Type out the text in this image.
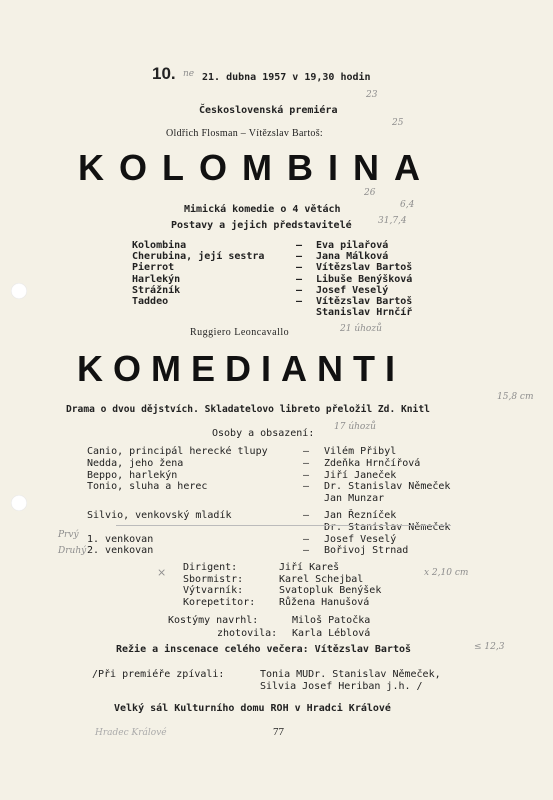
10. ne 21. dubna 1957 v 19,30 hodin
23
Československá premiéra
Oldřich Flosman – Vítězslav Bartoš:
25
KOLOMBINA
26
Mimická komedie o 4 větách	6,4
Postavy a jejich představitelé	31,7,4
Kolombina	– Eva pilařová
Cherubina, její sestra	– Jana Málková
Pierrot	– Vítězslav Bartoš
Harlekýn	– Libuše Benýšková
Strážník	– Josef Veselý
Taddeo	– Vítězslav Bartoš
Stanislav Hrnčíř
Ruggiero Leoncavallo	21 úhozů
KOMEDIANTI
Drama o dvou dějstvích. Skladatelovo libreto přeložil Zd. Knitl
15,8 cm
Osoby a obsazení:
17 úhozů
Canio, principál herecké tlupy	– Vilém Přibyl
Nedda, jeho žena	– Zdeňka Hrnčířová
Beppo, harlekýn	– Jiří Janeček
Tonio, sluha a herec	– Dr. Stanislav Němeček
Jan Munzar
Silvio, venkovský mladík	– Jan Řezníček
Dr. Stanislav Němeček
1. venkovan	– Josef Veselý
2. venkovan	– Bořivoj Strnad
Prvý
Druhý
Dirigent:	Jiří Kareš
Sbormistr:	Karel Schejbal
Výtvarník:	Svatopluk Benýšek
Korepetitor: Růžena Hanušová
×	x 2,10 cm
Kostýmy navrhl:	Miloš Patočka
zhotovila: Karla Léblová
Režie a inscenace celého večera: Vítězslav Bartoš	≤ 12,3
/Při premiéře zpívali:	Tonia MUDr. Stanislav Němeček,
Silvia Josef Heriban j.h. /
Velký sál Kulturního domu ROH v Hradci Králové
Hradec Králové	77
